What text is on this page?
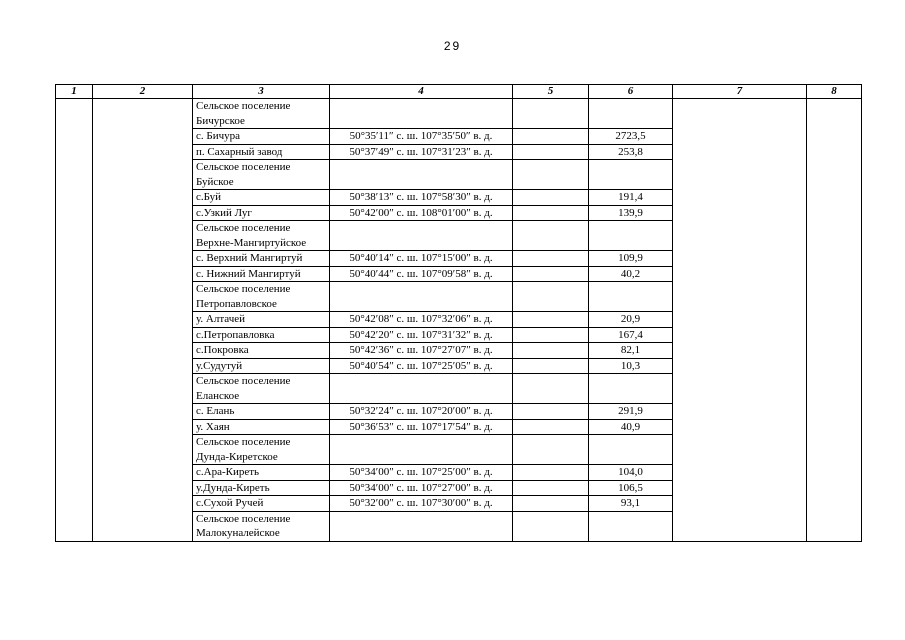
29
1	2	3	4	5	6	7	8
		Сельское поселение Бичурское					
		с. Бичура	50°35′11″ с. ш. 107°35′50″ в. д.		2723,5		
		п. Сахарный завод	50°37′49″ с. ш. 107°31′23″ в. д.		253,8		
		Сельское поселение Буйское					
		с.Буй	50°38′13″ с. ш. 107°58′30″ в. д.		191,4		
		с.Узкий Луг	50°42′00″ с. ш. 108°01′00″ в. д.		139,9		
		Сельское поселение Верхне-Мангиртуйское					
		с. Верхний Мангиртуй	50°40′14″ с. ш. 107°15′00″ в. д.		109,9		
		с. Нижний Мангиртуй	50°40′44″ с. ш. 107°09′58″ в. д.		40,2		
		Сельское поселение Петропавловское					
		у. Алтачей	50°42′08″ с. ш. 107°32′06″ в. д.		20,9		
		с.Петропавловка	50°42′20″ с. ш. 107°31′32″ в. д.		167,4		
		с.Покровка	50°42′36″ с. ш. 107°27′07″ в. д.		82,1		
		у.Судутуй	50°40′54″ с. ш. 107°25′05″ в. д.		10,3		
		Сельское поселение Еланское					
		с. Елань	50°32′24″ с. ш. 107°20′00″ в. д.		291,9		
		у. Хаян	50°36′53″ с. ш. 107°17′54″ в. д.		40,9		
		Сельское поселение Дунда-Киретское					
		с.Ара-Киреть	50°34′00″ с. ш. 107°25′00″ в. д.		104,0		
		у.Дунда-Киреть	50°34′00″ с. ш. 107°27′00″ в. д.		106,5		
		с.Сухой Ручей	50°32′00″ с. ш. 107°30′00″ в. д.		93,1		
		Сельское поселение Малокуналейское					
